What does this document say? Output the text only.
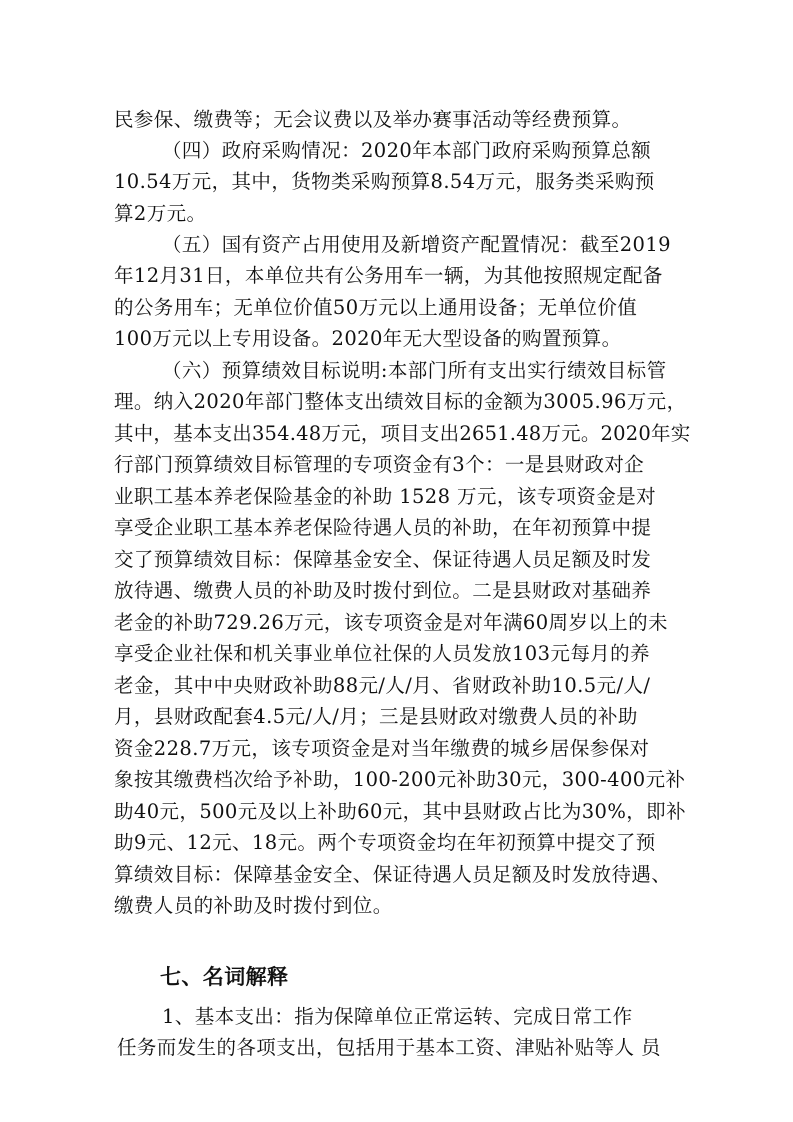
民参保、缴费等；无会议费以及举办赛事活动等经费预算。
（四）政府采购情况：2020年本部门政府采购预算总额
10.54万元，其中，货物类采购预算8.54万元，服务类采购预
算2万元。
（五）国有资产占用使用及新增资产配置情况：截至2019
年12月31日，本单位共有公务用车一辆，为其他按照规定配备
的公务用车；无单位价值50万元以上通用设备；无单位价值
100万元以上专用设备。2020年无大型设备的购置预算。
（六）预算绩效目标说明:本部门所有支出实行绩效目标管
理。纳入2020年部门整体支出绩效目标的金额为3005.96万元，
其中，基本支出354.48万元，项目支出2651.48万元。2020年实
行部门预算绩效目标管理的专项资金有3个：一是县财政对企
业职工基本养老保险基金的补助 1528 万元，该专项资金是对
享受企业职工基本养老保险待遇人员的补助，在年初预算中提
交了预算绩效目标：保障基金安全、保证待遇人员足额及时发
放待遇、缴费人员的补助及时拨付到位。二是县财政对基础养
老金的补助729.26万元，该专项资金是对年满60周岁以上的未
享受企业社保和机关事业单位社保的人员发放103元每月的养
老金，其中中央财政补助88元/人/月、省财政补助10.5元/人/
月，县财政配套4.5元/人/月；三是县财政对缴费人员的补助
资金228.7万元，该专项资金是对当年缴费的城乡居保参保对
象按其缴费档次给予补助，100-200元补助30元，300-400元补
助40元，500元及以上补助60元，其中县财政占比为30%，即补
助9元、12元、18元。两个专项资金均在年初预算中提交了预
算绩效目标：保障基金安全、保证待遇人员足额及时发放待遇、
缴费人员的补助及时拨付到位。
七、名词解释
1、基本支出：指为保障单位正常运转、完成日常工作
任务而发生的各项支出，包括用于基本工资、津贴补贴等人 员
